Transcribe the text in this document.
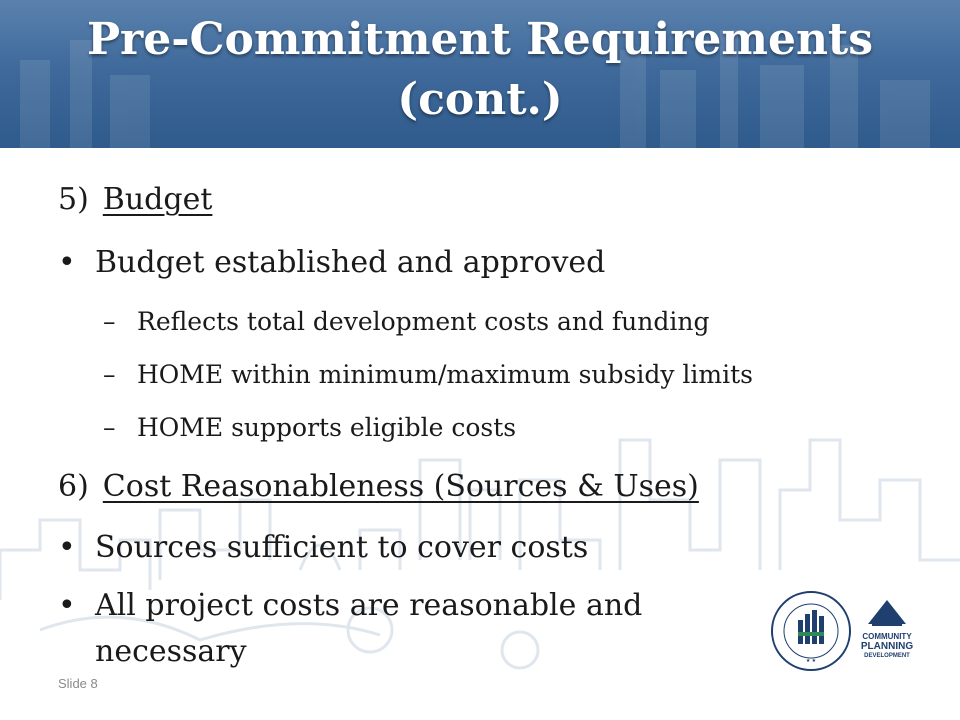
Pre-Commitment Requirements
(cont.)
5) Budget
• Budget established and approved
– Reflects total development costs and funding
– HOME within minimum/maximum subsidy limits
– HOME supports eligible costs
6) Cost Reasonableness (Sources & Uses)
• Sources sufficient to cover costs
• All project costs are reasonable and
necessary	★ ★
COMMUNITY
PLANNING
DEVELOPMENT
Slide 8
